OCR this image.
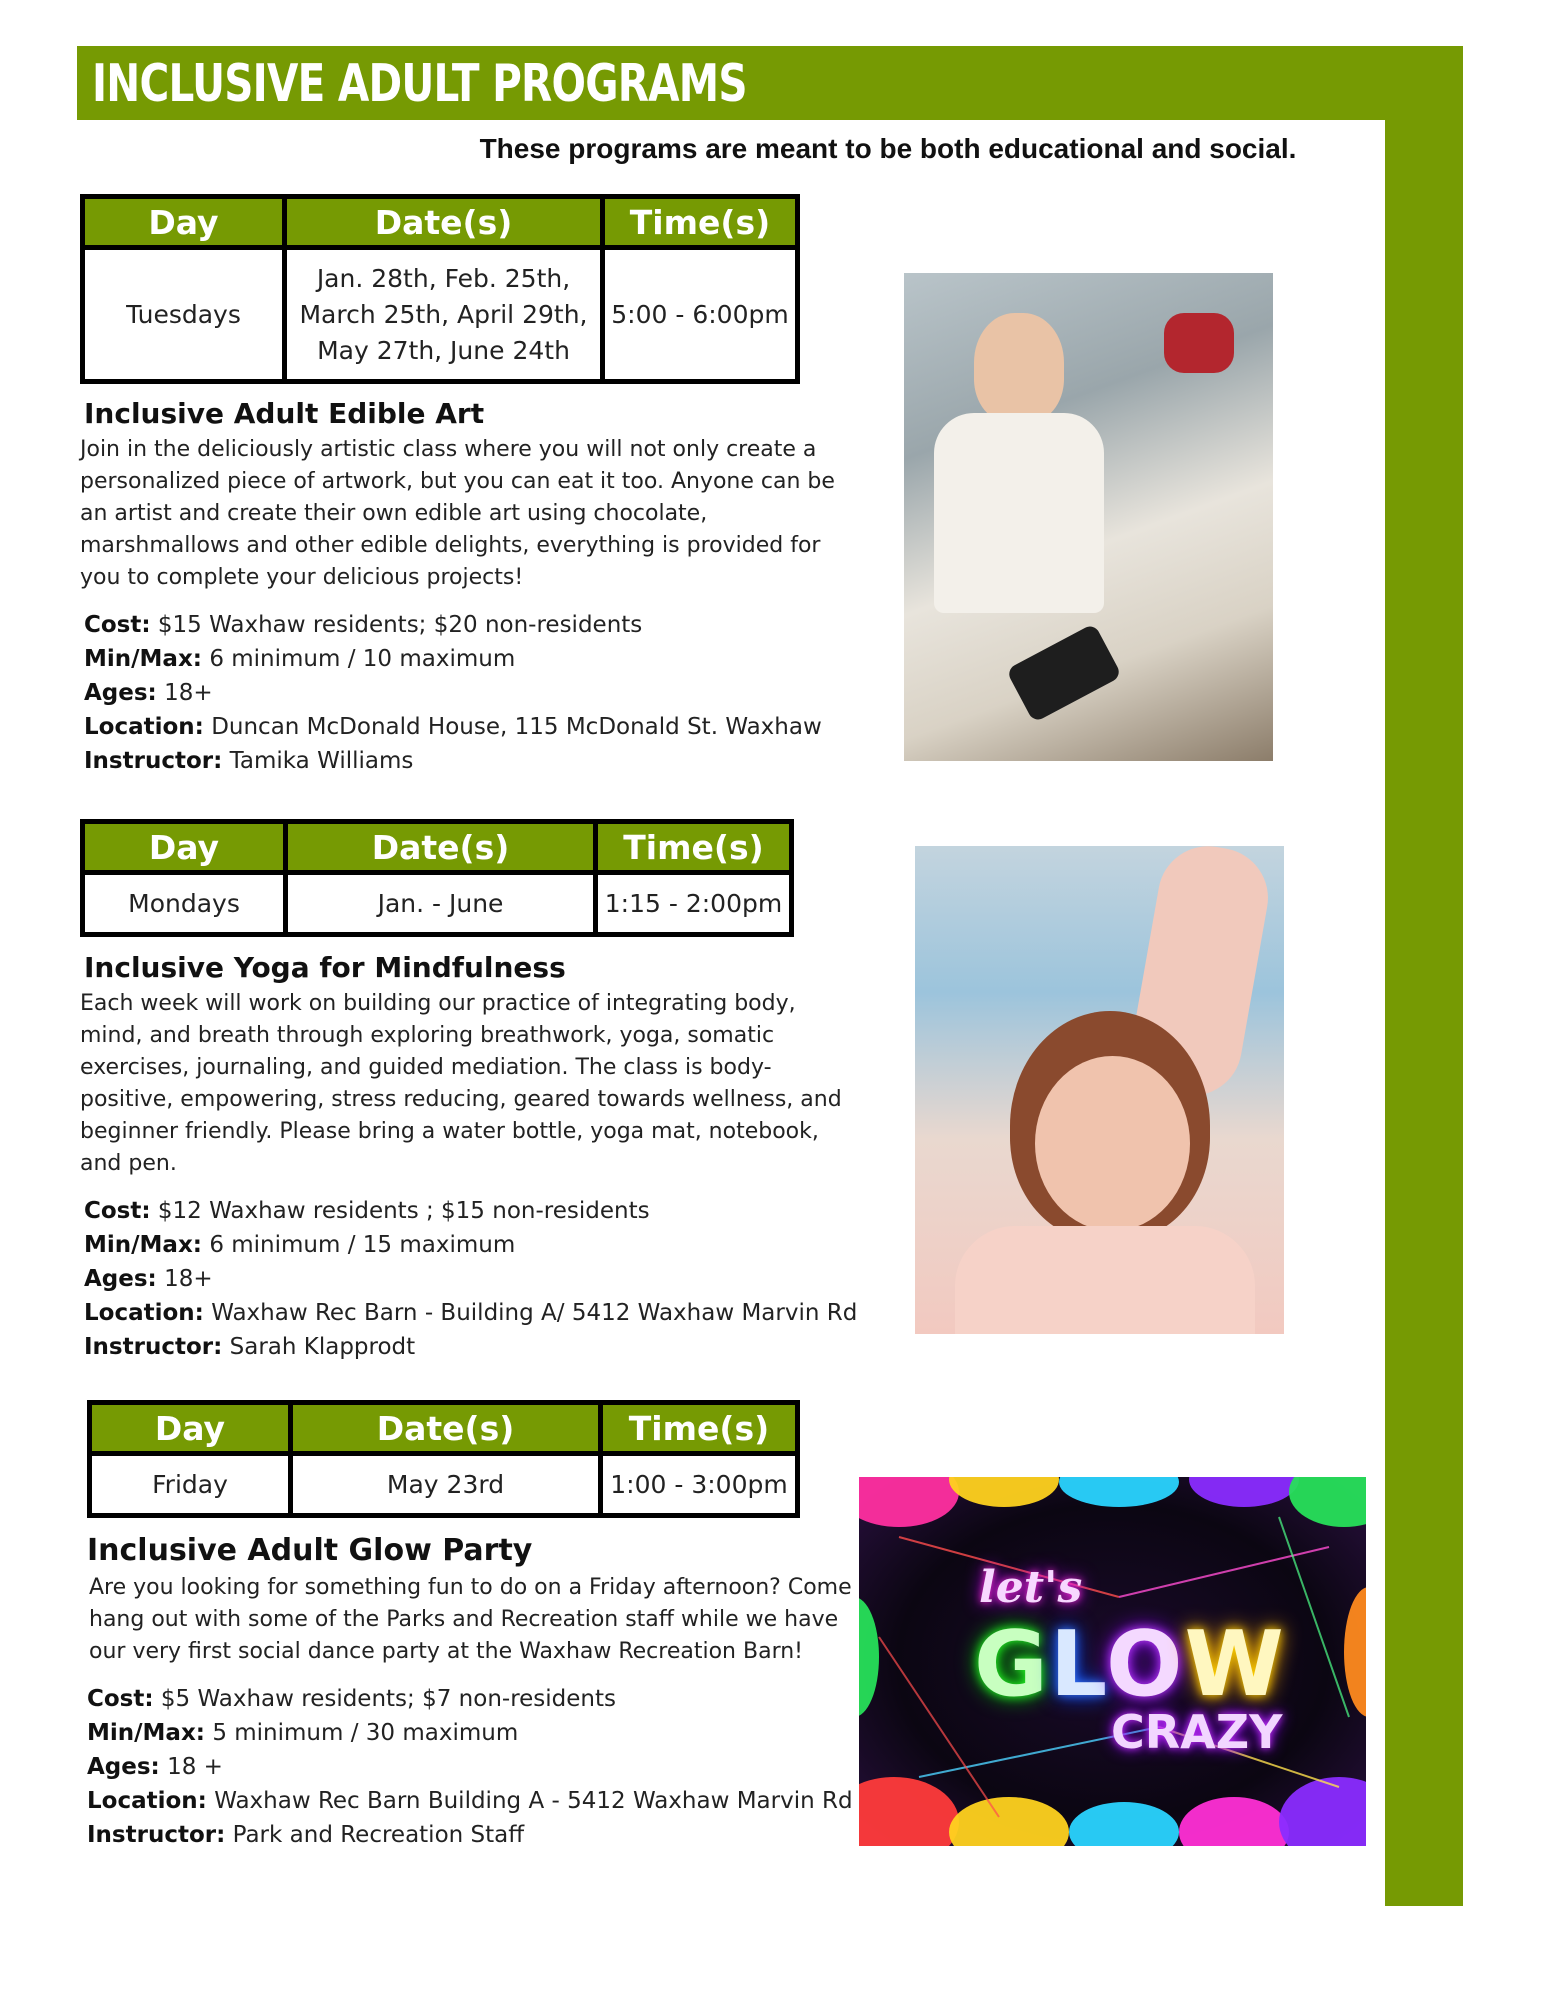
INCLUSIVE ADULT PROGRAMS
These programs are meant to be both educational and social.
Day	Date(s)	Time(s)
Tuesdays	Jan. 28th, Feb. 25th,
March 25th, April 29th,
May 27th, June 24th	5:00 - 6:00pm
Inclusive Adult Edible Art
Join in the deliciously artistic class where you will not only create a personalized piece of artwork, but you can eat it too. Anyone can be an artist and create their own edible art using chocolate, marshmallows and other edible delights, everything is provided for you to complete your delicious projects!
Cost: $15 Waxhaw residents; $20 non-residents
Min/Max: 6 minimum / 10 maximum
Ages: 18+
Location: Duncan McDonald House, 115 McDonald St. Waxhaw
Instructor: Tamika Williams
Day	Date(s)	Time(s)
Mondays	Jan. - June	1:15 - 2:00pm
Inclusive Yoga for Mindfulness
Each week will work on building our practice of integrating body, mind, and breath through exploring breathwork, yoga, somatic exercises, journaling, and guided mediation. The class is body-positive, empowering, stress reducing, geared towards wellness, and beginner friendly. Please bring a water bottle, yoga mat, notebook, and pen.
Cost: $12 Waxhaw residents ; $15 non-residents
Min/Max: 6 minimum / 15 maximum
Ages: 18+
Location: Waxhaw Rec Barn - Building A/ 5412 Waxhaw Marvin Rd
Instructor: Sarah Klapprodt
Day	Date(s)	Time(s)
Friday	May 23rd	1:00 - 3:00pm
Inclusive Adult Glow Party
Are you looking for something fun to do on a Friday afternoon? Come hang out with some of the Parks and Recreation staff while we have our very first social dance party at the Waxhaw Recreation Barn!
Cost: $5 Waxhaw residents; $7 non-residents
Min/Max: 5 minimum / 30 maximum
Ages: 18 +
Location: Waxhaw Rec Barn Building A - 5412 Waxhaw Marvin Rd
Instructor: Park and Recreation Staff
let's
GLOW
CRAZY
